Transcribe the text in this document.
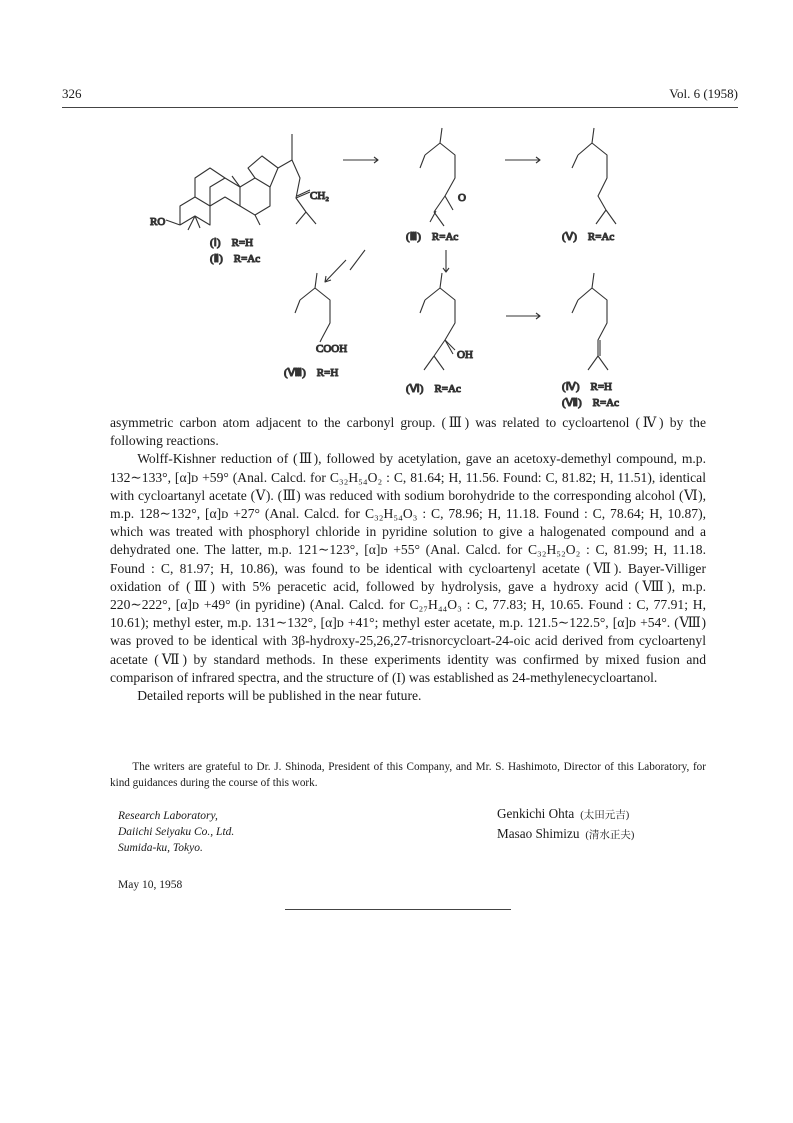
326	Vol. 6 (1958)
CH₂
RO
(Ⅰ) R=H
(Ⅱ) R=Ac
O
(Ⅲ) R=Ac	(Ⅴ) R=Ac
COOH
(Ⅷ) R=H
OH
(Ⅵ) R=Ac	(Ⅳ) R=H
(Ⅶ) R=Ac

asymmetric carbon atom adjacent to the carbonyl group. (Ⅲ) was related to cycloartenol (Ⅳ) by the following reactions.

Wolff-Kishner reduction of (Ⅲ), followed by acetylation, gave an acetoxy-demethyl compound, m.p. 132∼133°, [α]ᴅ +59° (Anal. Calcd. for C₃₂H₅₄O₂ : C, 81.64; H, 11.56. Found: C, 81.82; H, 11.51), identical with cycloartanyl acetate (Ⅴ). (Ⅲ) was reduced with sodium borohydride to the corresponding alcohol (Ⅵ), m.p. 128∼132°, [α]ᴅ +27° (Anal. Calcd. for C₃₂H₅₄O₃ : C, 78.96; H, 11.18. Found : C, 78.64; H, 10.87), which was treated with phosphoryl chloride in pyridine solution to give a halogenated compound and a dehydrated one. The latter, m.p. 121∼123°, [α]ᴅ +55° (Anal. Calcd. for C₃₂H₅₂O₂ : C, 81.99; H, 11.18. Found : C, 81.97; H, 10.86), was found to be identical with cycloartenyl acetate (Ⅶ). Bayer-Villiger oxidation of (Ⅲ) with 5% peracetic acid, followed by hydrolysis, gave a hydroxy acid (Ⅷ), m.p. 220∼222°, [α]ᴅ +49° (in pyridine) (Anal. Calcd. for C₂₇H₄₄O₃ : C, 77.83; H, 10.65. Found : C, 77.91; H, 10.61); methyl ester, m.p. 131∼132°, [α]ᴅ +41°; methyl ester acetate, m.p. 121.5∼122.5°, [α]ᴅ +54°. (Ⅷ) was proved to be identical with 3β-hydroxy-25,26,27-trisnorcycloart-24-oic acid derived from cycloartenyl acetate (Ⅶ) by standard methods. In these experiments identity was confirmed by mixed fusion and comparison of infrared spectra, and the structure of (I) was established as 24-methylenecycloartanol.

Detailed reports will be published in the near future.

The writers are grateful to Dr. J. Shinoda, President of this Company, and Mr. S. Hashimoto, Director of this Laboratory, for kind guidances during the course of this work.

Research Laboratory,
Daiichi Seiyaku Co., Ltd.
Sumida-ku, Tokyo.
Genkichi Ohta (太田元吉)
Masao Shimizu (清水正夫)
May 10, 1958
